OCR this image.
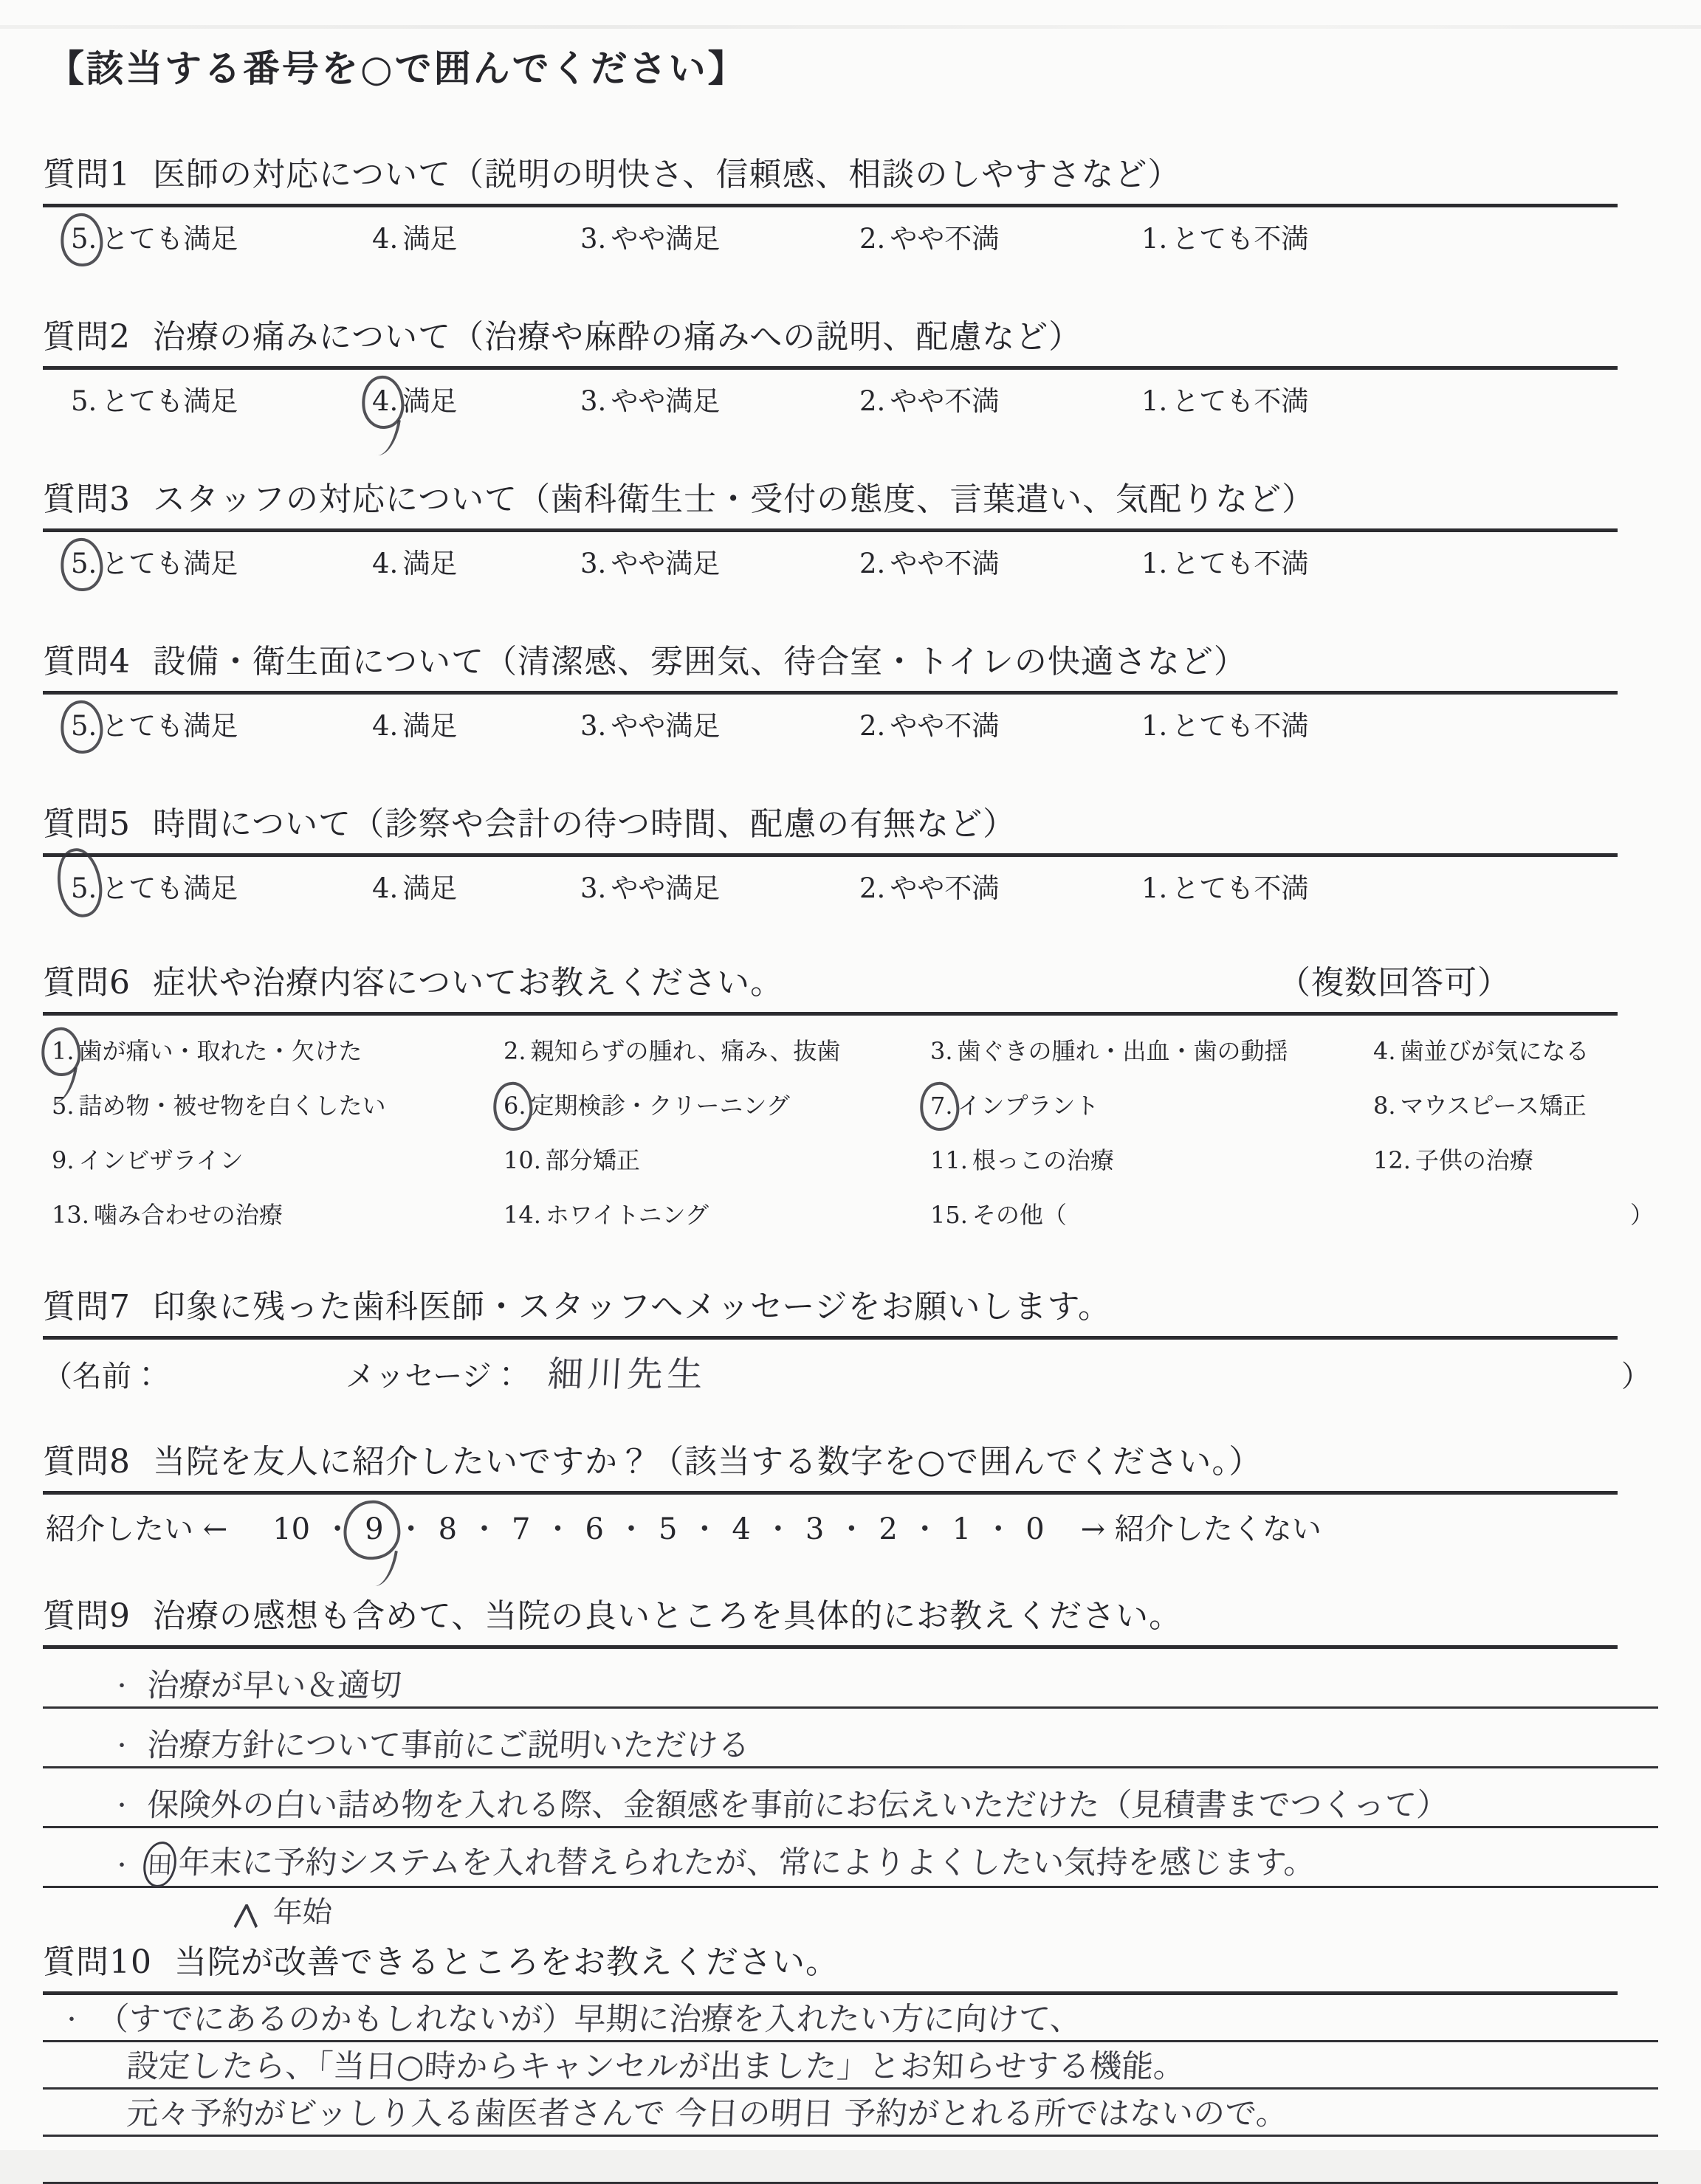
【該当する番号を○で囲んでください】
質問1 医師の対応について（説明の明快さ、信頼感、相談のしやすさなど）
5. とても満足	4. 満足	3. やや満足	2. やや不満	1. とても不満
質問2 治療の痛みについて（治療や麻酔の痛みへの説明、配慮など）
5. とても満足	4. 満足	3. やや満足	2. やや不満	1. とても不満
質問3 スタッフの対応について（歯科衛生士・受付の態度、言葉遣い、気配りなど）
5. とても満足	4. 満足	3. やや満足	2. やや不満	1. とても不満
質問4 設備・衛生面について（清潔感、雰囲気、待合室・トイレの快適さなど）
5. とても満足	4. 満足	3. やや満足	2. やや不満	1. とても不満
質問5 時間について（診察や会計の待つ時間、配慮の有無など）
5. とても満足	4. 満足	3. やや満足	2. やや不満	1. とても不満
質問6 症状や治療内容についてお教えください。	（複数回答可）
1. 歯が痛い・取れた・欠けた	2. 親知らずの腫れ、痛み、抜歯	3. 歯ぐきの腫れ・出血・歯の動揺	4. 歯並びが気になる
5. 詰め物・被せ物を白くしたい	6. 定期検診・クリーニング	7. インプラント	8. マウスピース矯正
9. インビザライン	10. 部分矯正	11. 根っこの治療	12. 子供の治療
13. 噛み合わせの治療	14. ホワイトニング	15. その他（	）
質問7 印象に残った歯科医師・スタッフへメッセージをお願いします。
（名前：	メッセージ： 細川先生	）
質問8 当院を友人に紹介したいですか？（該当する数字を○で囲んでください。）
紹介したい ←	10 ・ 9 ・ 8 ・ 7 ・ 6 ・ 5 ・ 4 ・ 3 ・ 2 ・ 1 ・ 0	→ 紹介したくない
質問9 治療の感想も含めて、当院の良いところを具体的にお教えください。
・ 治療が早い＆適切
・ 治療方針について事前にご説明いただける
・ 保険外の白い詰め物を入れる際、金額感を事前にお伝えいただけた（見積書までつくって）
・ 田 年末に予約システムを入れ替えられたが、常によりよくしたい気持を感じます。
＾年始
質問10 当院が改善できるところをお教えください。
・ （すでにあるのかもしれないが）早期に治療を入れたい方に向けて、
設定したら、「当日○時からキャンセルが出ました」とお知らせする機能。
元々予約がビッしり入る歯医者さんで 今日の明日 予約がとれる所ではないので。
